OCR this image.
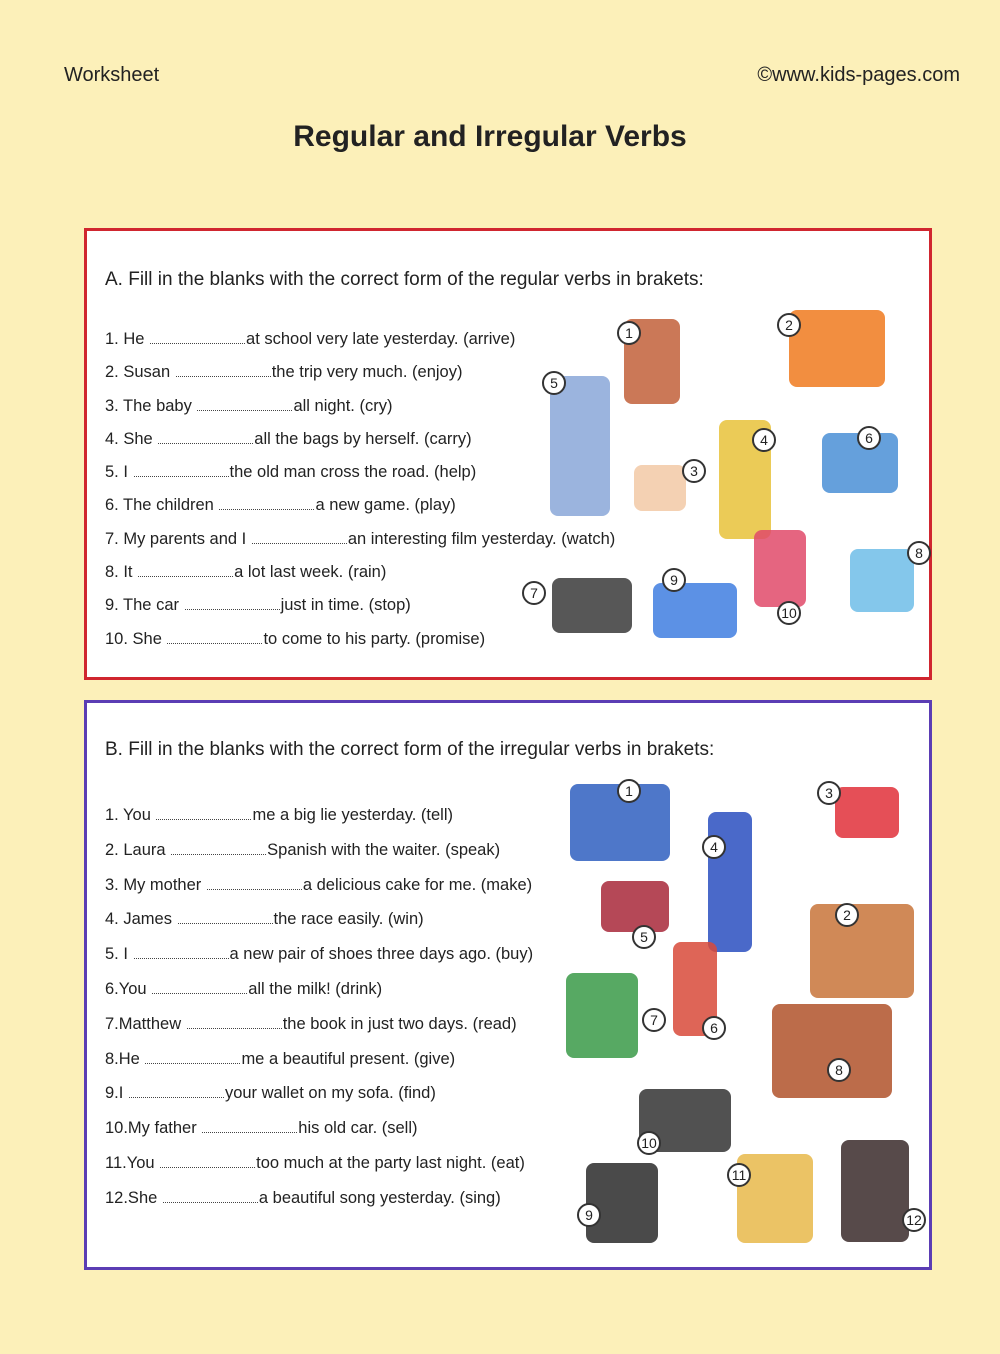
Worksheet	©www.kids-pages.com
Regular and Irregular Verbs
A. Fill in the blanks with the correct form of the regular verbs in brakets:
1. He	at school very late yesterday. (arrive)
2. Susan	the trip very much. (enjoy)
3. The baby	all night. (cry)
4. She	all the bags by herself. (carry)
5. I	the old man cross the road. (help)
6. The children	a new game. (play)
7. My parents and I	an interesting film yesterday. (watch)
8. It	a lot last week. (rain)
9. The car	just in time. (stop)
10. She	to come to his party. (promise)
1	2
3
4
5
6
7
8
9
10
B. Fill in the blanks with the correct form of the irregular verbs in brakets:
1. You	me a big lie yesterday. (tell)
2. Laura	Spanish with the waiter. (speak)
3. My mother	a delicious cake for me. (make)
4. James	the race easily. (win)
5. I	a new pair of shoes three days ago. (buy)
6.You	all the milk! (drink)
7.Matthew	the book in just two days. (read)
8.He	me a beautiful present. (give)
9.I	your wallet on my sofa. (find)
10.My father	his old car. (sell)
11.You	too much at the party last night. (eat)
12.She	a beautiful song yesterday. (sing)
1
2
3
4
5
6
7
8
9
10
11
12
